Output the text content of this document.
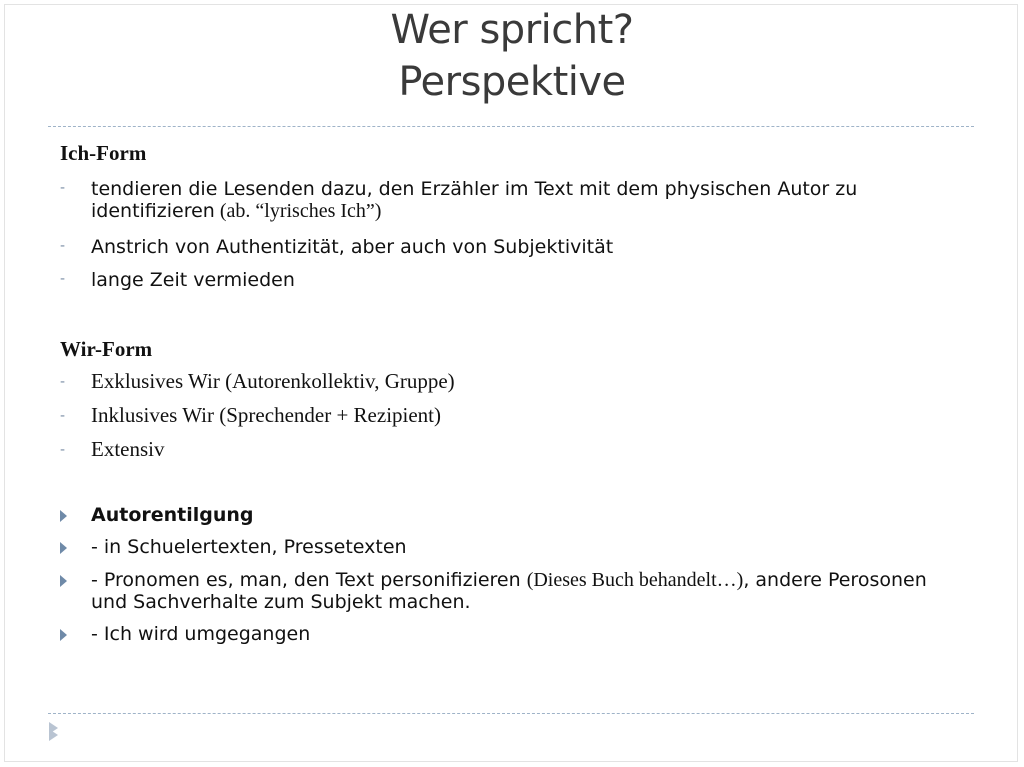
Wer spricht?
Perspektive
Ich-Form
- tendieren die Lesenden dazu, den Erzähler im Text mit dem physischen Autor zu identifizieren (ab. “lyrisches Ich”)
- Anstrich von Authentizität, aber auch von Subjektivität
- lange Zeit vermieden
Wir-Form
- Exklusives Wir (Autorenkollektiv, Gruppe)
- Inklusives Wir (Sprechender + Rezipient)
- Extensiv
Autorentilgung
- in Schuelertexten, Pressetexten
- Pronomen es, man, den Text personifizieren (Dieses Buch behandelt…), andere Perosonen und Sachverhalte zum Subjekt machen.
- Ich wird umgegangen
